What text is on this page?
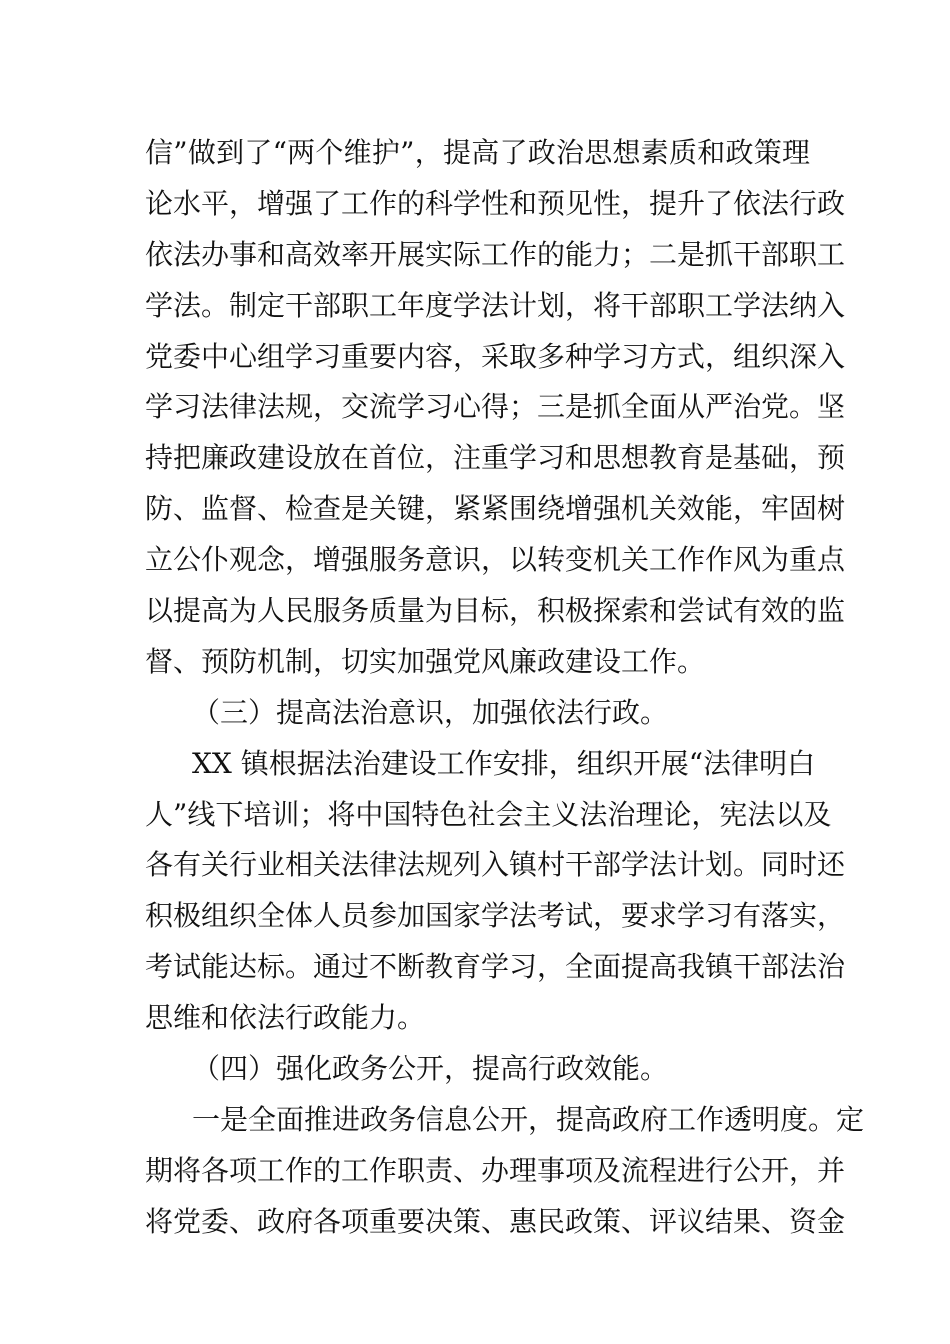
信”做到了“两个维护”，提高了政治思想素质和政策理
论水平，增强了工作的科学性和预见性，提升了依法行政
依法办事和高效率开展实际工作的能力；二是抓干部职工
学法。制定干部职工年度学法计划，将干部职工学法纳入
党委中心组学习重要内容，采取多种学习方式，组织深入
学习法律法规，交流学习心得；三是抓全面从严治党。坚
持把廉政建设放在首位，注重学习和思想教育是基础，预
防、监督、检查是关键，紧紧围绕增强机关效能，牢固树
立公仆观念，增强服务意识，以转变机关工作作风为重点
以提高为人民服务质量为目标，积极探索和尝试有效的监
督、预防机制，切实加强党风廉政建设工作。
（三）提高法治意识，加强依法行政。
XX 镇根据法治建设工作安排，组织开展“法律明白
人”线下培训；将中国特色社会主义法治理论，宪法以及
各有关行业相关法律法规列入镇村干部学法计划。同时还
积极组织全体人员参加国家学法考试，要求学习有落实，
考试能达标。通过不断教育学习，全面提高我镇干部法治
思维和依法行政能力。
（四）强化政务公开，提高行政效能。
一是全面推进政务信息公开，提高政府工作透明度。定
期将各项工作的工作职责、办理事项及流程进行公开，并
将党委、政府各项重要决策、惠民政策、评议结果、资金
